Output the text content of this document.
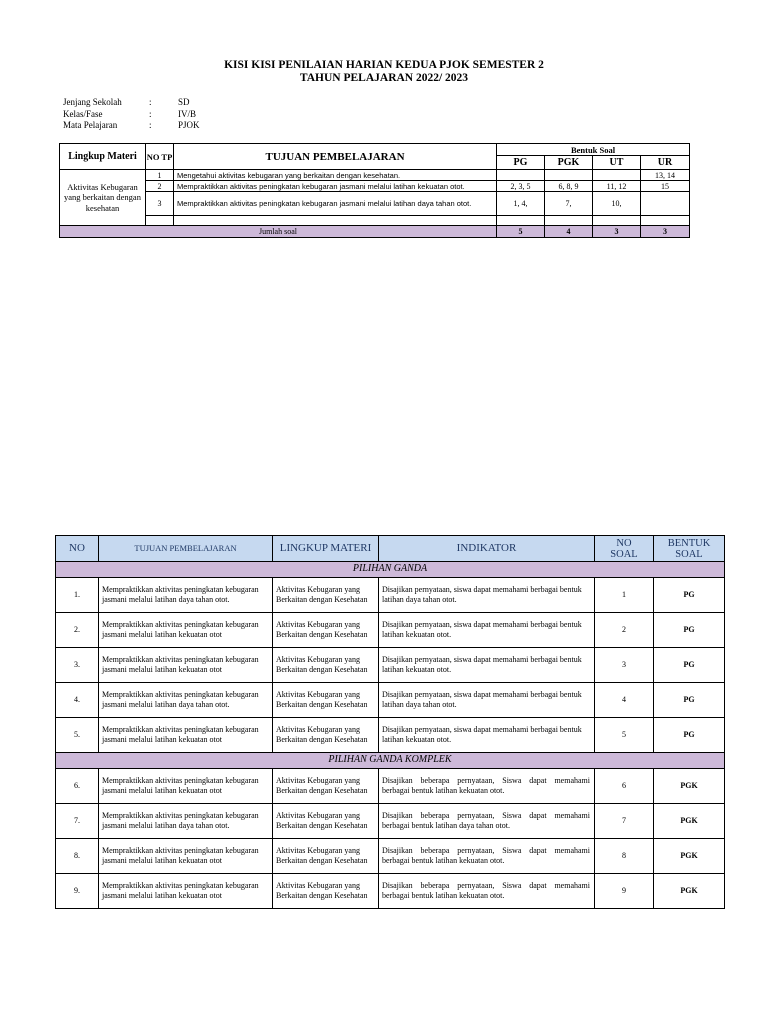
KISI KISI PENILAIAN HARIAN KEDUA PJOK SEMESTER 2
TAHUN PELAJARAN 2022/ 2023
Jenjang Sekolah	:	SD
Kelas/Fase	:	IV/B
Mata Pelajaran	:	PJOK
Lingkup Materi	NO TP	TUJUAN PEMBELAJARAN	Bentuk Soal			
			PG	PGK	UT	UR
Aktivitas Kebugaran yang berkaitan dengan kesehatan	1	Mengetahui aktivitas kebugaran yang berkaitan dengan kesehatan.				13, 14
	2	Mempraktikkan aktivitas peningkatan kebugaran jasmani melalui latihan kekuatan otot.	2, 3, 5	6, 8, 9	11, 12	15
	3	Mempraktikkan aktivitas peningkatan kebugaran jasmani melalui latihan daya tahan otot.	1, 4,	7,	10,	

Jumlah soal			5	4	3	3
NO	TUJUAN PEMBELAJARAN	LINGKUP MATERI	INDIKATOR	NO SOAL	BENTUK SOAL
PILIHAN GANDA					
1.	Mempraktikkan aktivitas peningkatan kebugaran jasmani melalui latihan daya tahan otot.	Aktivitas Kebugaran yang Berkaitan dengan Kesehatan	Disajikan pernyataan, siswa dapat memahami berbagai bentuk latihan daya tahan otot.	1	PG
2.	Mempraktikkan aktivitas peningkatan kebugaran jasmani melalui latihan kekuatan otot	Aktivitas Kebugaran yang Berkaitan dengan Kesehatan	Disajikan pernyataan, siswa dapat memahami berbagai bentuk latihan kekuatan otot.	2	PG
3.	Mempraktikkan aktivitas peningkatan kebugaran jasmani melalui latihan kekuatan otot	Aktivitas Kebugaran yang Berkaitan dengan Kesehatan	Disajikan pernyataan, siswa dapat memahami berbagai bentuk latihan kekuatan otot.	3	PG
4.	Mempraktikkan aktivitas peningkatan kebugaran jasmani melalui latihan daya tahan otot.	Aktivitas Kebugaran yang Berkaitan dengan Kesehatan	Disajikan pernyataan, siswa dapat memahami berbagai bentuk latihan daya tahan otot.	4	PG
5.	Mempraktikkan aktivitas peningkatan kebugaran jasmani melalui latihan kekuatan otot	Aktivitas Kebugaran yang Berkaitan dengan Kesehatan	Disajikan pernyataan, siswa dapat memahami berbagai bentuk latihan kekuatan otot.	5	PG
PILIHAN GANDA KOMPLEK					
6.	Mempraktikkan aktivitas peningkatan kebugaran jasmani melalui latihan kekuatan otot	Aktivitas Kebugaran yang Berkaitan dengan Kesehatan	Disajikan beberapa pernyataan, Siswa dapat memahami berbagai bentuk latihan kekuatan otot.	6	PGK
7.	Mempraktikkan aktivitas peningkatan kebugaran jasmani melalui latihan daya tahan otot.	Aktivitas Kebugaran yang Berkaitan dengan Kesehatan	Disajikan beberapa pernyataan, Siswa dapat memahami berbagai bentuk latihan daya tahan otot.	7	PGK
8.	Mempraktikkan aktivitas peningkatan kebugaran jasmani melalui latihan kekuatan otot	Aktivitas Kebugaran yang Berkaitan dengan Kesehatan	Disajikan beberapa pernyataan, Siswa dapat memahami berbagai bentuk latihan kekuatan otot.	8	PGK
9.	Mempraktikkan aktivitas peningkatan kebugaran jasmani melalui latihan kekuatan otot	Aktivitas Kebugaran yang Berkaitan dengan Kesehatan	Disajikan beberapa pernyataan, Siswa dapat memahami berbagai bentuk latihan kekuatan otot.	9	PGK
